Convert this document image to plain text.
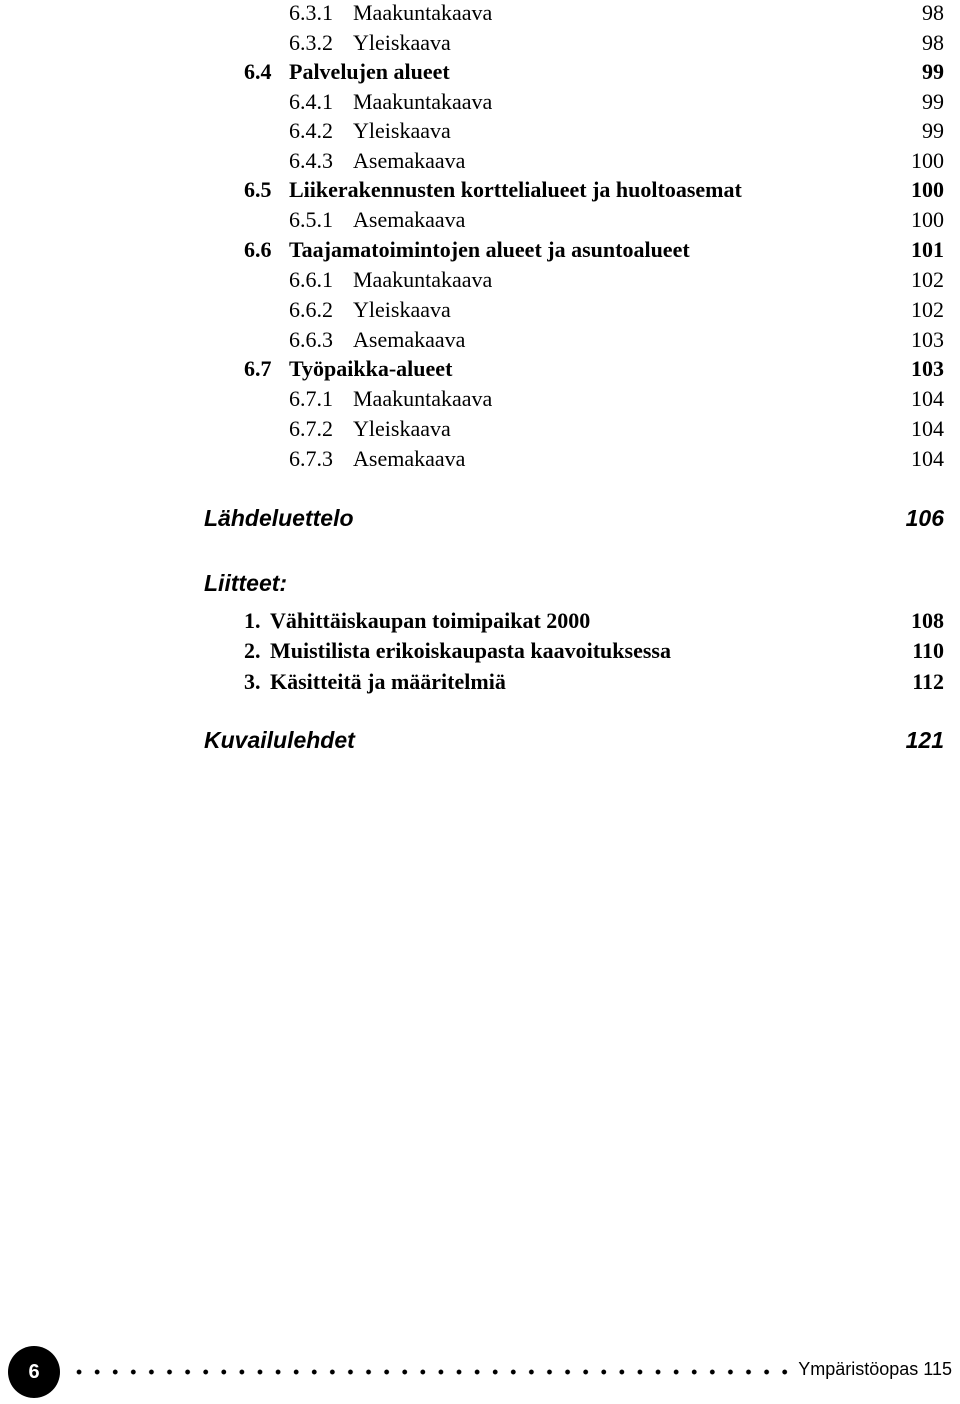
6.3.1 Maakuntakaava	98
6.3.2 Yleiskaava	98
6.4 Palvelujen alueet	99
6.4.1 Maakuntakaava	99
6.4.2 Yleiskaava	99
6.4.3 Asemakaava	100
6.5 Liikerakennusten korttelialueet ja huoltoasemat	100
6.5.1 Asemakaava	100
6.6 Taajamatoimintojen alueet ja asuntoalueet	101
6.6.1 Maakuntakaava	102
6.6.2 Yleiskaava	102
6.6.3 Asemakaava	103
6.7 Työpaikka-alueet	103
6.7.1 Maakuntakaava	104
6.7.2 Yleiskaava	104
6.7.3 Asemakaava	104
Lähdeluettelo	106
Liitteet:
1. Vähittäiskaupan toimipaikat 2000	108
2. Muistilista erikoiskaupasta kaavoituksessa	110
3. Käsitteitä ja määritelmiä	112
Kuvailulehdet	121
6	Ympäristöopas 115
